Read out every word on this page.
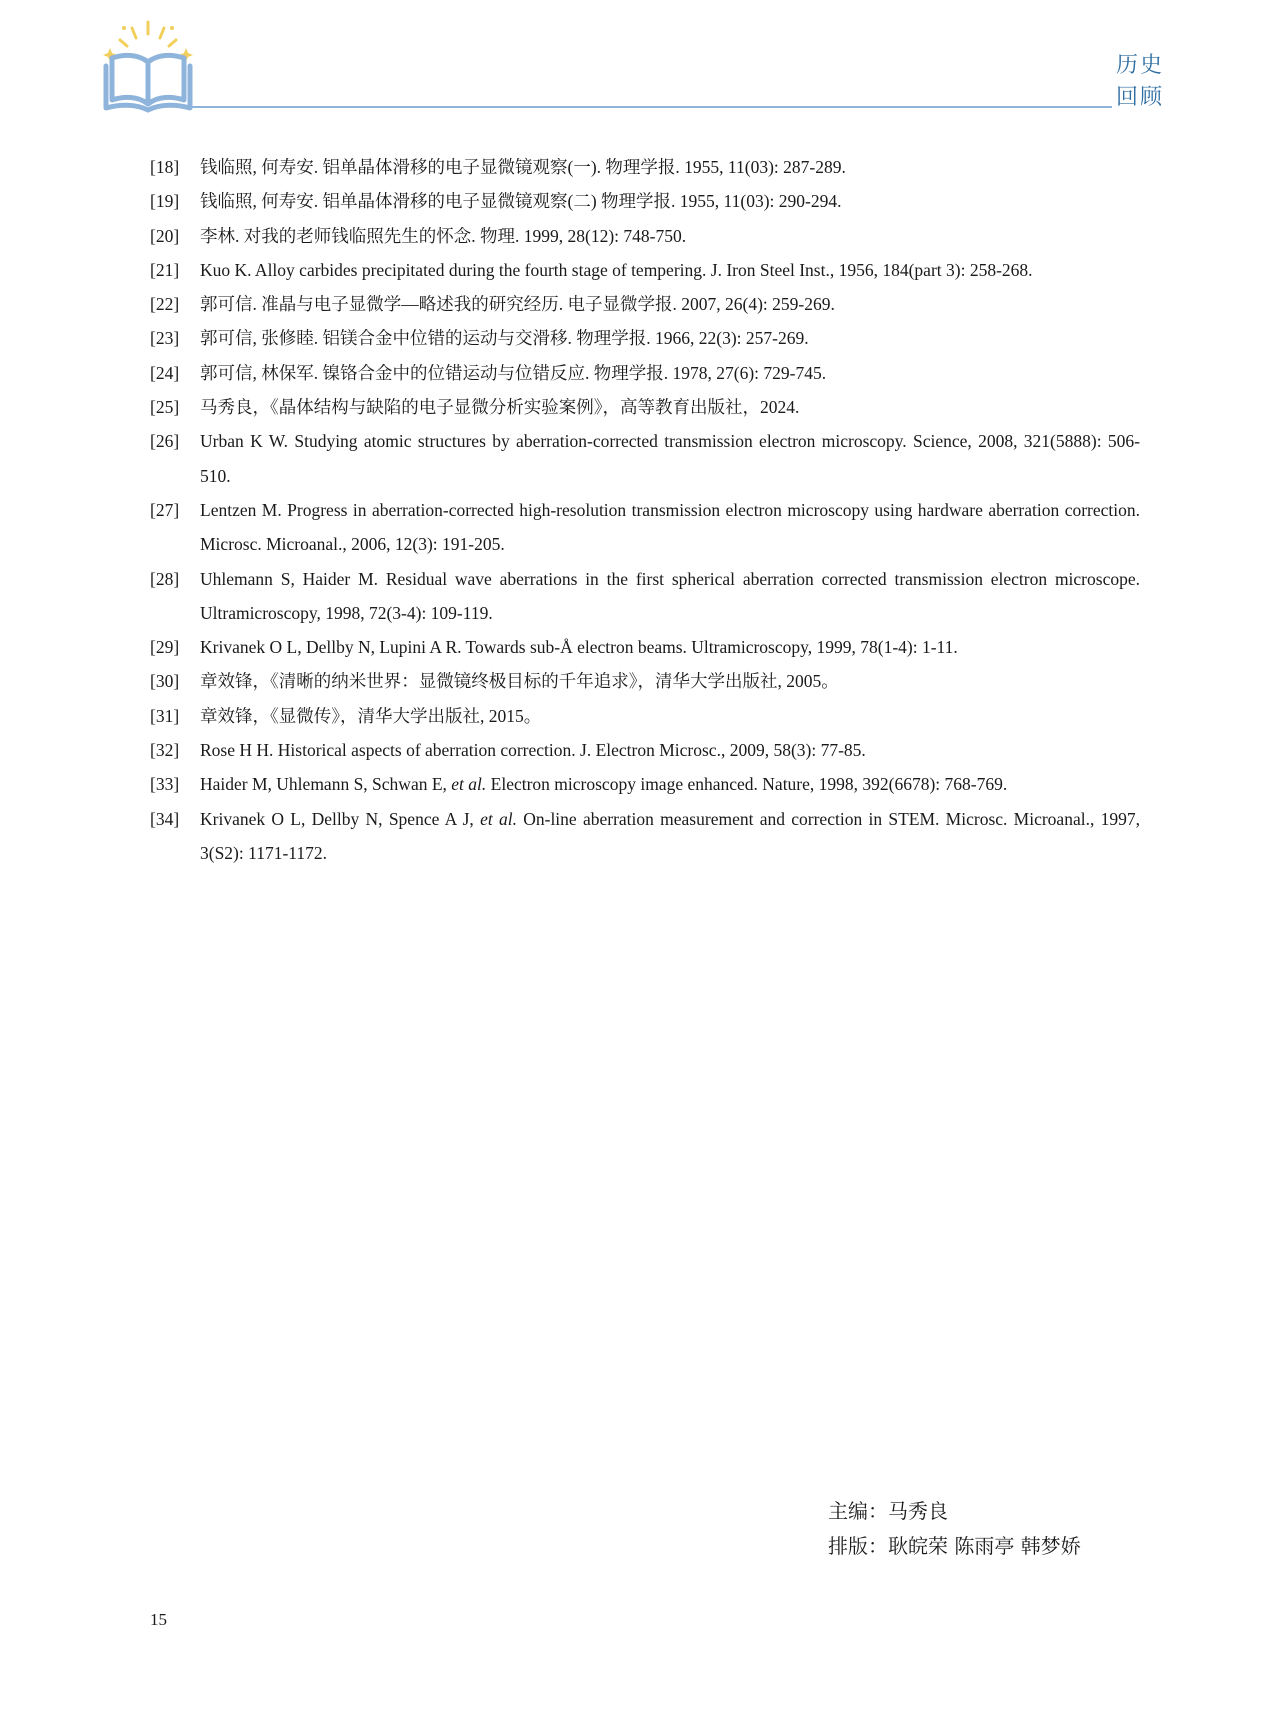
历史
回顾
[18]	钱临照, 何寿安. 铝单晶体滑移的电子显微镜观察(一). 物理学报. 1955, 11(03): 287-289.
[19]	钱临照, 何寿安. 铝单晶体滑移的电子显微镜观察(二) 物理学报. 1955, 11(03): 290-294.
[20]	李林. 对我的老师钱临照先生的怀念. 物理. 1999, 28(12): 748-750.
[21]	Kuo K. Alloy carbides precipitated during the fourth stage of tempering. J. Iron Steel Inst., 1956, 184(part 3): 258-268.
[22]	郭可信. 准晶与电子显微学—略述我的研究经历. 电子显微学报. 2007, 26(4): 259-269.
[23]	郭可信, 张修睦. 铝镁合金中位错的运动与交滑移. 物理学报. 1966, 22(3): 257-269.
[24]	郭可信, 林保军. 镍铬合金中的位错运动与位错反应. 物理学报. 1978, 27(6): 729-745.
[25]	马秀良，《晶体结构与缺陷的电子显微分析实验案例》，高等教育出版社，2024.
[26]	Urban K W. Studying atomic structures by aberration-corrected transmission electron microscopy. Science, 2008, 321(5888): 506-510.
[27]	Lentzen M. Progress in aberration-corrected high-resolution transmission electron microscopy using hardware aberration correction. Microsc. Microanal., 2006, 12(3): 191-205.
[28]	Uhlemann S, Haider M. Residual wave aberrations in the first spherical aberration corrected transmission electron microscope. Ultramicroscopy, 1998, 72(3-4): 109-119.
[29]	Krivanek O L, Dellby N, Lupini A R. Towards sub-Å electron beams. Ultramicroscopy, 1999, 78(1-4): 1-11.
[30]	章效锋，《清晰的纳米世界：显微镜终极目标的千年追求》，清华大学出版社, 2005。
[31]	章效锋，《显微传》，清华大学出版社, 2015。
[32]	Rose H H. Historical aspects of aberration correction. J. Electron Microsc., 2009, 58(3): 77-85.
[33]	Haider M, Uhlemann S, Schwan E, et al. Electron microscopy image enhanced. Nature, 1998, 392(6678): 768-769.
[34]	Krivanek O L, Dellby N, Spence A J, et al. On-line aberration measurement and correction in STEM. Microsc. Microanal., 1997, 3(S2): 1171-1172.
主编：马秀良
排版：耿皖荣 陈雨亭 韩梦娇
15
